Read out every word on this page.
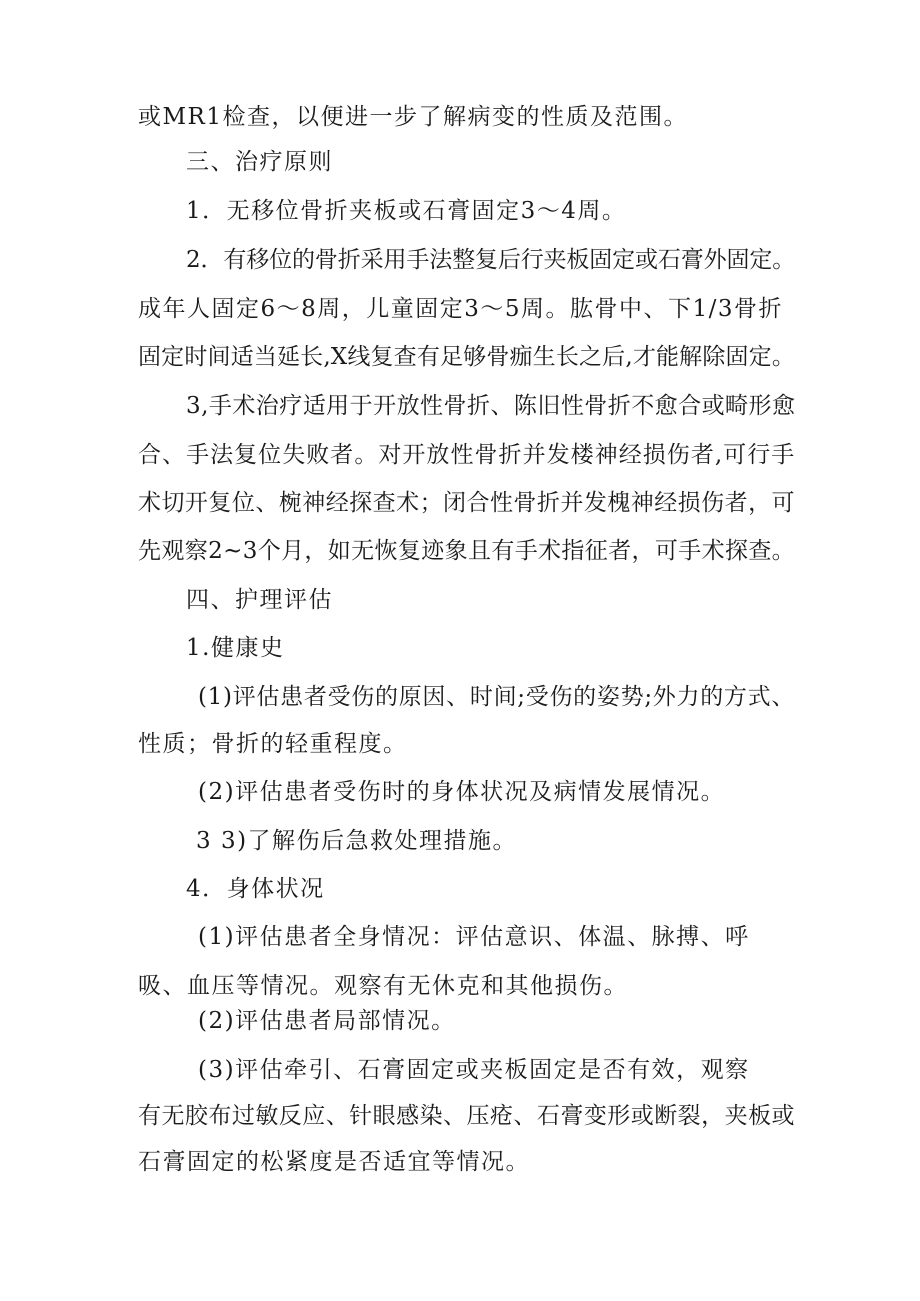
或MR1检查，以便进一步了解病变的性质及范围。

三、治疗原则

1．无移位骨折夹板或石膏固定3～4周。

2．有移位的骨折采用手法整复后行夹板固定或石膏外固定。

成年人固定6～8周，儿童固定3～5周。肱骨中、下1/3骨折

固定时间适当延长,X线复查有足够骨痂生长之后,才能解除固定。

3,手术治疗适用于开放性骨折、陈旧性骨折不愈合或畸形愈

合、手法复位失败者。对开放性骨折并发楼神经损伤者,可行手

术切开复位、椀神经探查术；闭合性骨折并发槐神经损伤者，可

先观察2~3个月，如无恢复迹象且有手术指征者，可手术探查。

四、护理评估

1.健康史

(1)评估患者受伤的原因、时间;受伤的姿势;外力的方式、

性质；骨折的轻重程度。

(2)评估患者受伤时的身体状况及病情发展情况。

3 3)了解伤后急救处理措施。

4．身体状况

(1)评估患者全身情况：评估意识、体温、脉搏、呼

吸、血压等情况。观察有无休克和其他损伤。

(2)评估患者局部情况。

(3)评估牵引、石膏固定或夹板固定是否有效，观察

有无胶布过敏反应、针眼感染、压疮、石膏变形或断裂，夹板或

石膏固定的松紧度是否适宜等情况。
